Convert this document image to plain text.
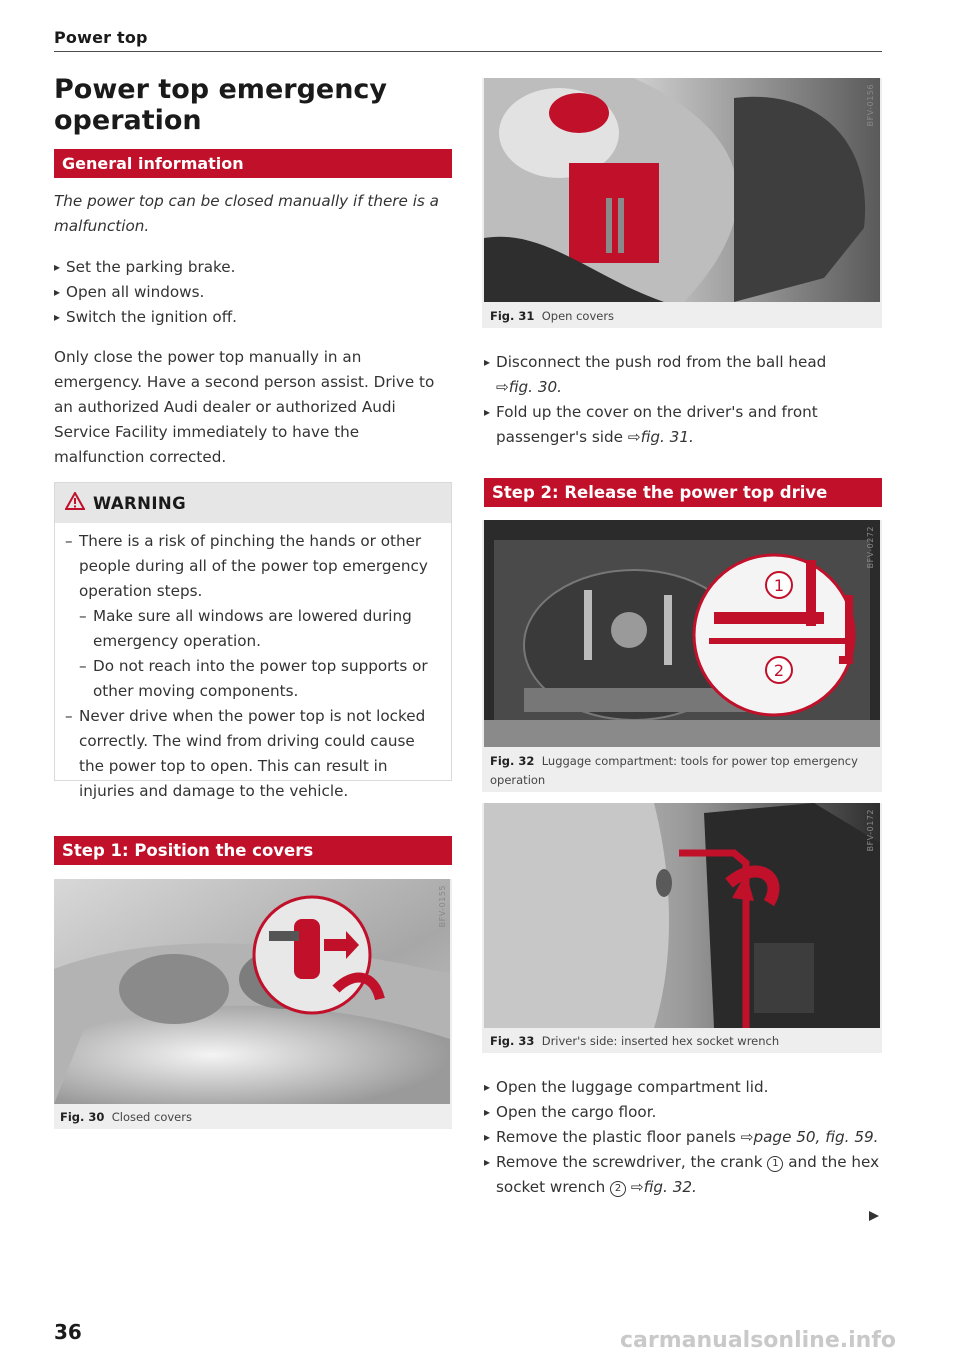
Power top
Power top emergency operation
General information

The power top can be closed manually if there is a malfunction.

▸ Set the parking brake.
▸ Open all windows.
▸ Switch the ignition off.

Only close the power top manually in an emergency. Have a second person assist. Drive to an authorized Audi dealer or authorized Audi Service Facility immediately to have the malfunction corrected.

WARNING
– There is a risk of pinching the hands or other people during all of the power top emergency operation steps.
– Make sure all windows are lowered during emergency operation.
– Do not reach into the power top supports or other moving components.
– Never drive when the power top is not locked correctly. The wind from driving could cause the power top to open. This can result in injuries and damage to the vehicle.
Step 1: Position the covers
BFV-0155
Fig. 30 Closed covers
BFV-0156
Fig. 31 Open covers
▸ Disconnect the push rod from the ball head
⇨fig. 30.
▸ Fold up the cover on the driver's and front passenger's side ⇨fig. 31.
Step 2: Release the power top drive
1
2
BFV-0272
Fig. 32 Luggage compartment: tools for power top emergency operation
BFV-0172
Fig. 33 Driver's side: inserted hex socket wrench
▸ Open the luggage compartment lid.
▸ Open the cargo floor.
▸ Remove the plastic floor panels ⇨page 50, fig. 59.
▸ Remove the screwdriver, the crank 1 and the hex socket wrench 2 ⇨fig. 32.
36	carmanualsonline.info
